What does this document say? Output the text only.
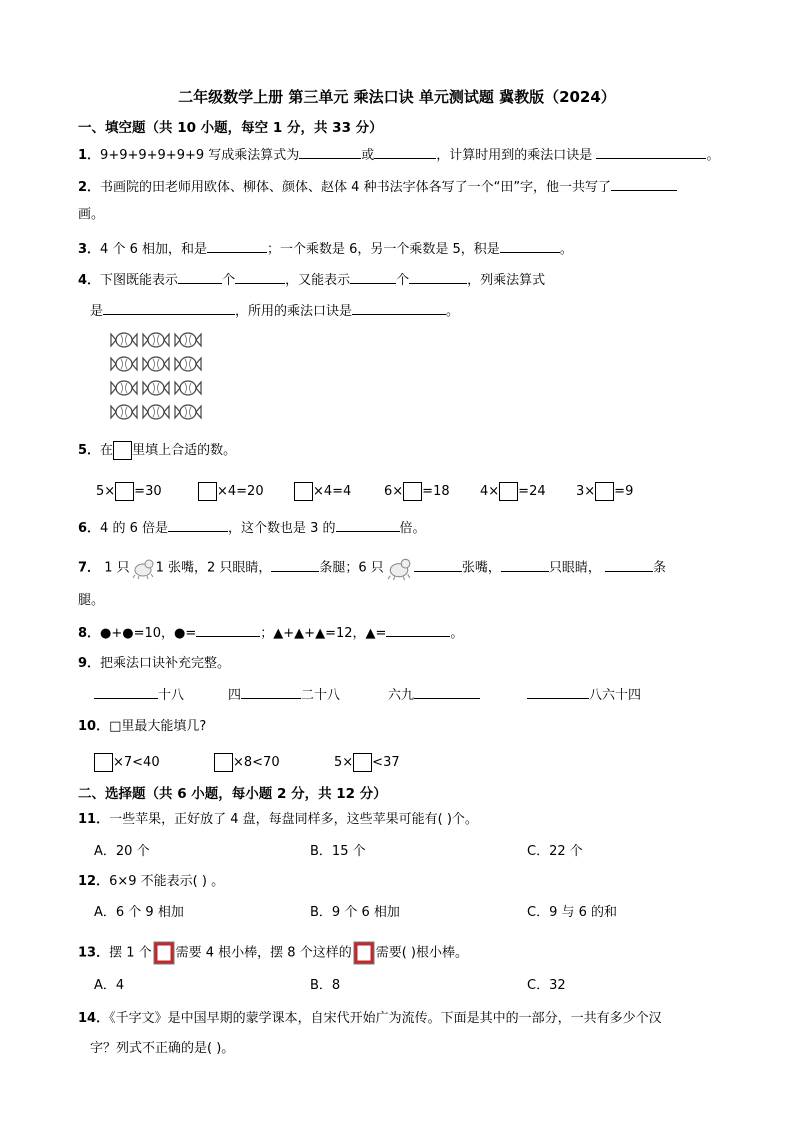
二年级数学上册 第三单元 乘法口诀 单元测试题 冀教版（2024）
一、填空题（共 10 小题，每空 1 分，共 33 分）
1．9+9+9+9+9+9 写成乘法算式为	或	，计算时用到的乘法口诀是	。
2．书画院的田老师用欧体、柳体、颜体、赵体 4 种书法字体各写了一个“田”字，他一共写了
画。
3．4 个 6 相加，和是	；一个乘数是 6，另一个乘数是 5，积是	。
4．下图既能表示	个	，又能表示	个	，列乘法算式
是	，所用的乘法口诀是	。
5．在 里填上合适的数。
5× =30	×4=20	×4=4	6× =18 4× =24 3× =9
6．4 的 6 倍是	，这个数也是 3 的	倍。
7． 1 只 1 张嘴，2 只眼睛，	条腿；6 只	张嘴，	只眼睛，	条
腿。
8．●+●=10，●=	；▲+▲+▲=12，▲=	。
9．把乘法口诀补充完整。
十八	四	二十八	六九	八六十四
10．□里最大能填几?
×7<40	×8<70	5× <37
二、选择题（共 6 小题，每小题 2 分，共 12 分）
11．一些苹果，正好放了 4 盘，每盘同样多，这些苹果可能有( )个。
A．20 个	B．15 个	C．22 个
12．6×9 不能表示( ) 。
A．6 个 9 相加	B．9 个 6 相加	C．9 与 6 的和
13．摆 1 个 需要 4 根小棒，摆 8 个这样的 需要( )根小棒。
A．4	B．8	C．32
14．《千字文》是中国早期的蒙学课本，自宋代开始广为流传。下面是其中的一部分，一共有多少个汉
字？列式不正确的是( )。
